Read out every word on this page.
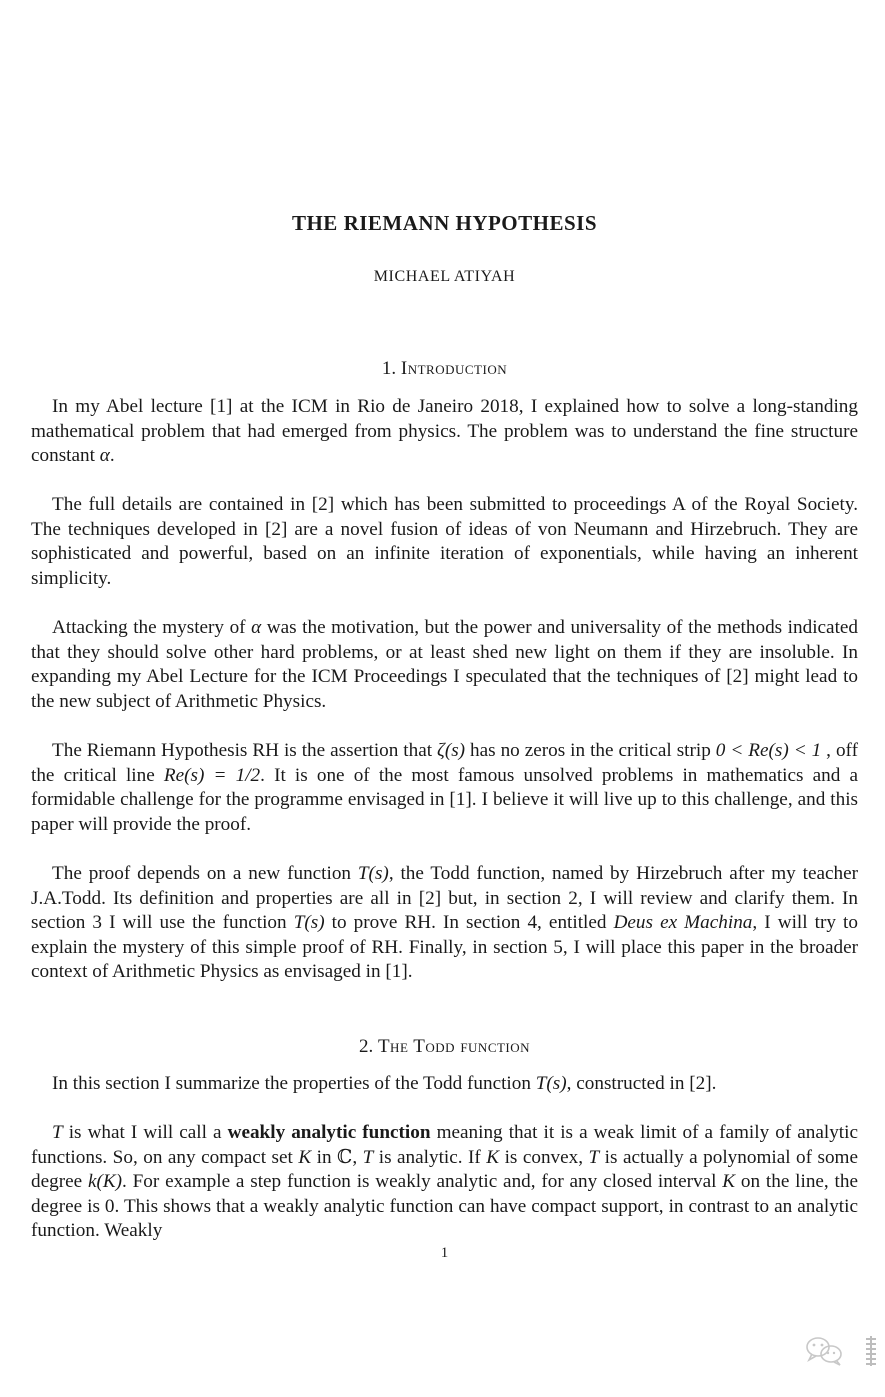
THE RIEMANN HYPOTHESIS
MICHAEL ATIYAH
1. Introduction
In my Abel lecture [1] at the ICM in Rio de Janeiro 2018, I explained how to solve a long-standing mathematical problem that had emerged from physics. The problem was to understand the fine structure constant α.
The full details are contained in [2] which has been submitted to proceedings A of the Royal Society. The techniques developed in [2] are a novel fusion of ideas of von Neumann and Hirzebruch. They are sophisticated and powerful, based on an infinite iteration of exponentials, while having an inherent simplicity.
Attacking the mystery of α was the motivation, but the power and universality of the methods indicated that they should solve other hard problems, or at least shed new light on them if they are insoluble. In expanding my Abel Lecture for the ICM Proceedings I speculated that the techniques of [2] might lead to the new subject of Arithmetic Physics.
The Riemann Hypothesis RH is the assertion that ζ(s) has no zeros in the critical strip 0 < Re(s) < 1 , off the critical line Re(s) = 1/2. It is one of the most famous unsolved problems in mathematics and a formidable challenge for the programme envisaged in [1]. I believe it will live up to this challenge, and this paper will provide the proof.
The proof depends on a new function T(s), the Todd function, named by Hirzebruch after my teacher J.A.Todd. Its definition and properties are all in [2] but, in section 2, I will review and clarify them. In section 3 I will use the function T(s) to prove RH. In section 4, entitled Deus ex Machina, I will try to explain the mystery of this simple proof of RH. Finally, in section 5, I will place this paper in the broader context of Arithmetic Physics as envisaged in [1].
2. The Todd function
In this section I summarize the properties of the Todd function T(s), constructed in [2].
T is what I will call a weakly analytic function meaning that it is a weak limit of a family of analytic functions. So, on any compact set K in ℂ, T is analytic. If K is convex, T is actually a polynomial of some degree k(K). For example a step function is weakly analytic and, for any closed interval K on the line, the degree is 0. This shows that a weakly analytic function can have compact support, in contrast to an analytic function. Weakly
1
